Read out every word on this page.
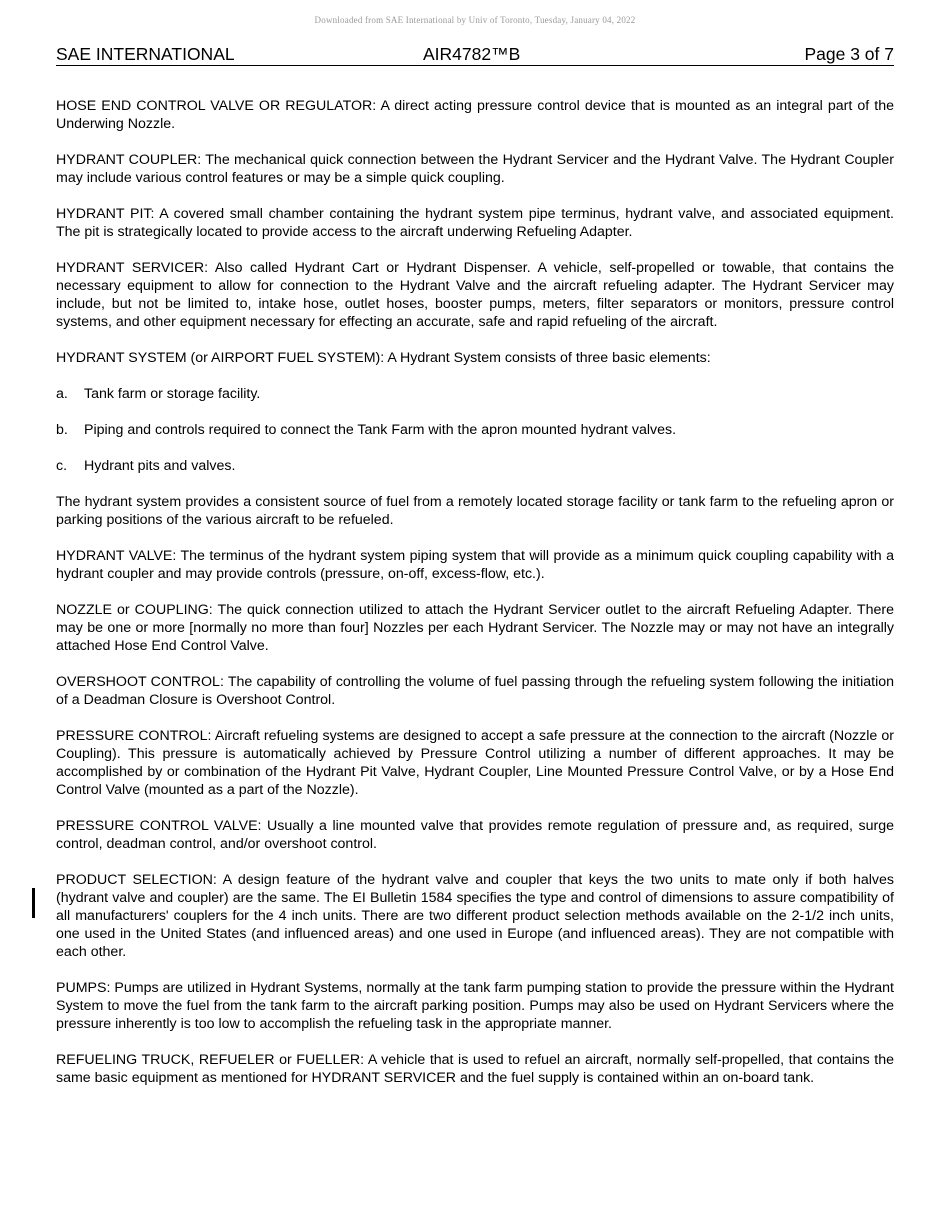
Downloaded from SAE International by Univ of Toronto, Tuesday, January 04, 2022
SAE INTERNATIONAL	AIR4782™B	Page 3 of 7

HOSE END CONTROL VALVE OR REGULATOR: A direct acting pressure control device that is mounted as an integral part of the Underwing Nozzle.

HYDRANT COUPLER: The mechanical quick connection between the Hydrant Servicer and the Hydrant Valve. The Hydrant Coupler may include various control features or may be a simple quick coupling.

HYDRANT PIT: A covered small chamber containing the hydrant system pipe terminus, hydrant valve, and associated equipment. The pit is strategically located to provide access to the aircraft underwing Refueling Adapter.

HYDRANT SERVICER: Also called Hydrant Cart or Hydrant Dispenser. A vehicle, self-propelled or towable, that contains the necessary equipment to allow for connection to the Hydrant Valve and the aircraft refueling adapter. The Hydrant Servicer may include, but not be limited to, intake hose, outlet hoses, booster pumps, meters, filter separators or monitors, pressure control systems, and other equipment necessary for effecting an accurate, safe and rapid refueling of the aircraft.

HYDRANT SYSTEM (or AIRPORT FUEL SYSTEM): A Hydrant System consists of three basic elements:

a.	Tank farm or storage facility.

b.	Piping and controls required to connect the Tank Farm with the apron mounted hydrant valves.

c.	Hydrant pits and valves.

The hydrant system provides a consistent source of fuel from a remotely located storage facility or tank farm to the refueling apron or parking positions of the various aircraft to be refueled.

HYDRANT VALVE: The terminus of the hydrant system piping system that will provide as a minimum quick coupling capability with a hydrant coupler and may provide controls (pressure, on-off, excess-flow, etc.).

NOZZLE or COUPLING: The quick connection utilized to attach the Hydrant Servicer outlet to the aircraft Refueling Adapter. There may be one or more [normally no more than four] Nozzles per each Hydrant Servicer. The Nozzle may or may not have an integrally attached Hose End Control Valve.

OVERSHOOT CONTROL: The capability of controlling the volume of fuel passing through the refueling system following the initiation of a Deadman Closure is Overshoot Control.

PRESSURE CONTROL: Aircraft refueling systems are designed to accept a safe pressure at the connection to the aircraft (Nozzle or Coupling). This pressure is automatically achieved by Pressure Control utilizing a number of different approaches. It may be accomplished by or combination of the Hydrant Pit Valve, Hydrant Coupler, Line Mounted Pressure Control Valve, or by a Hose End Control Valve (mounted as a part of the Nozzle).

PRESSURE CONTROL VALVE: Usually a line mounted valve that provides remote regulation of pressure and, as required, surge control, deadman control, and/or overshoot control.

PRODUCT SELECTION: A design feature of the hydrant valve and coupler that keys the two units to mate only if both halves (hydrant valve and coupler) are the same. The EI Bulletin 1584 specifies the type and control of dimensions to assure compatibility of all manufacturers' couplers for the 4 inch units. There are two different product selection methods available on the 2-1/2 inch units, one used in the United States (and influenced areas) and one used in Europe (and influenced areas). They are not compatible with each other.

PUMPS: Pumps are utilized in Hydrant Systems, normally at the tank farm pumping station to provide the pressure within the Hydrant System to move the fuel from the tank farm to the aircraft parking position. Pumps may also be used on Hydrant Servicers where the pressure inherently is too low to accomplish the refueling task in the appropriate manner.

REFUELING TRUCK, REFUELER or FUELLER: A vehicle that is used to refuel an aircraft, normally self-propelled, that contains the same basic equipment as mentioned for HYDRANT SERVICER and the fuel supply is contained within an on-board tank.
